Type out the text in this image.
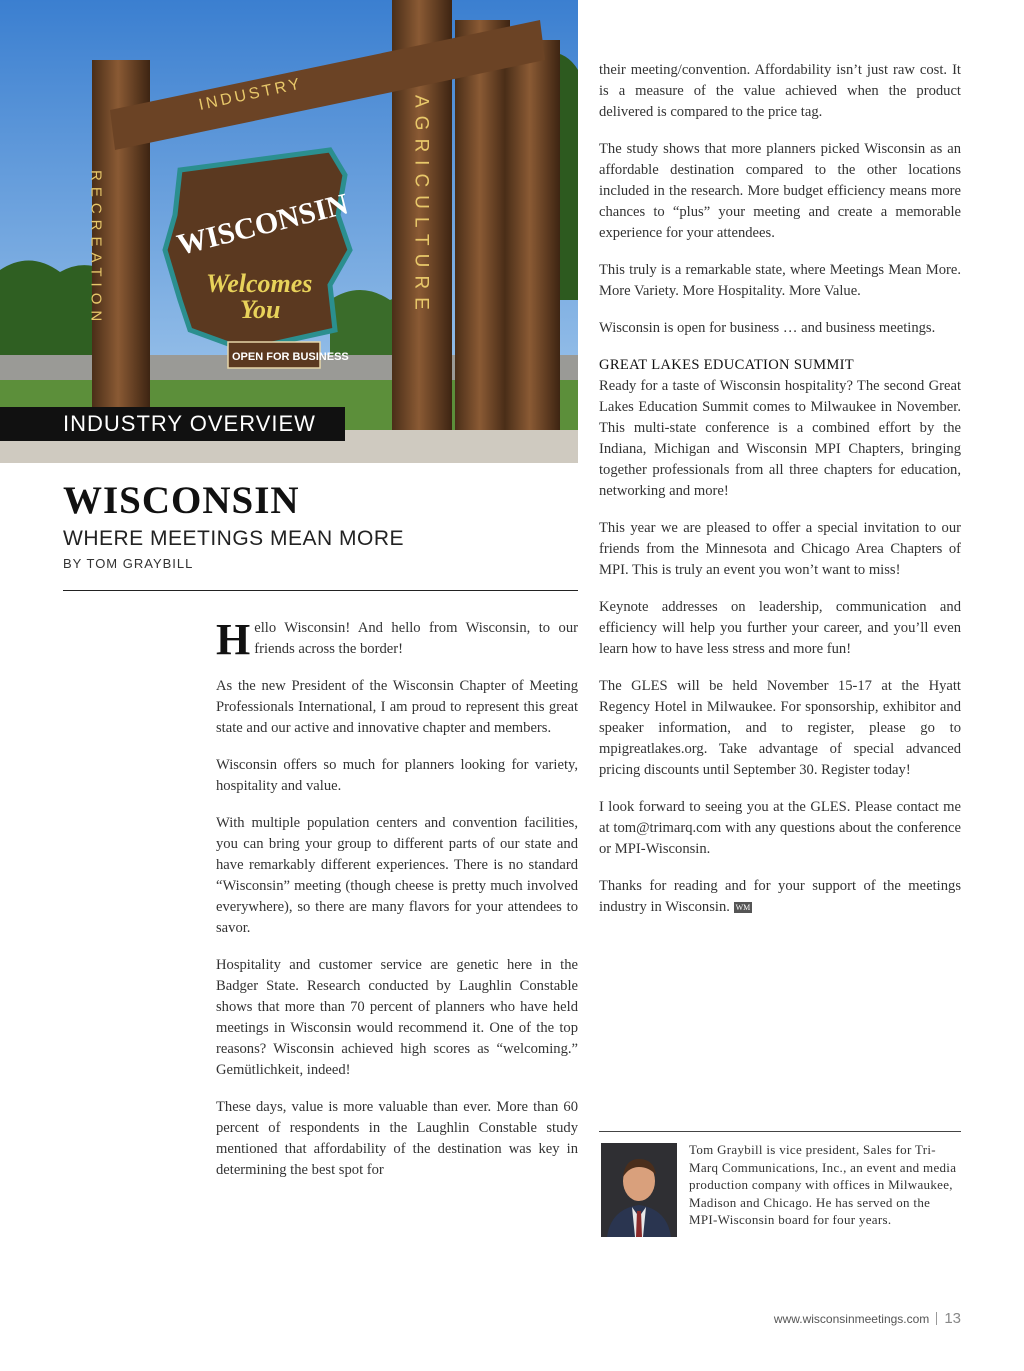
WISCONSIN
Welcomes
You
OPEN FOR BUSINESS
INDUSTRY
RECREATION	AGRICULTURE
INDUSTRY OVERVIEW
WISCONSIN
WHERE MEETINGS MEAN MORE
BY TOM GRAYBILL

Hello Wisconsin! And hello from Wisconsin, to our friends across the border!

As the new President of the Wisconsin Chapter of Meeting Professionals International, I am proud to represent this great state and our active and innovative chapter and members.

Wisconsin offers so much for planners looking for variety, hospitality and value.

With multiple population centers and convention facilities, you can bring your group to different parts of our state and have remarkably different experiences. There is no standard “Wisconsin” meeting (though cheese is pretty much involved everywhere), so there are many flavors for your attendees to savor.

Hospitality and customer service are genetic here in the Badger State. Research conducted by Laughlin Constable shows that more than 70 percent of planners who have held meetings in Wisconsin would recommend it. One of the top reasons? Wisconsin achieved high scores as “welcoming.” Gemütlichkeit, indeed!

These days, value is more valuable than ever. More than 60 percent of respondents in the Laughlin Constable study mentioned that affordability of the destination was key in determining the best spot for

their meeting/convention. Affordability isn’t just raw cost. It is a measure of the value achieved when the product delivered is compared to the price tag.

The study shows that more planners picked Wisconsin as an affordable destination compared to the other locations included in the research. More budget efficiency means more chances to “plus” your meeting and create a memorable experience for your attendees.

This truly is a remarkable state, where Meetings Mean More. More Variety. More Hospitality. More Value.

Wisconsin is open for business … and business meetings.

GREAT LAKES EDUCATION SUMMIT
Ready for a taste of Wisconsin hospitality? The second Great Lakes Education Summit comes to Milwaukee in November. This multi-state conference is a combined effort by the Indiana, Michigan and Wisconsin MPI Chapters, bringing together professionals from all three chapters for education, networking and more!

This year we are pleased to offer a special invitation to our friends from the Minnesota and Chicago Area Chapters of MPI. This is truly an event you won’t want to miss!

Keynote addresses on leadership, communication and efficiency will help you further your career, and you’ll even learn how to have less stress and more fun!

The GLES will be held November 15-17 at the Hyatt Regency Hotel in Milwaukee. For sponsorship, exhibitor and speaker information, and to register, please go to mpigreatlakes.org. Take advantage of special advanced pricing discounts until September 30. Register today!

I look forward to seeing you at the GLES. Please contact me at tom@trimarq.com with any questions about the conference or MPI-Wisconsin.

Thanks for reading and for your support of the meetings industry in Wisconsin. WM

Tom Graybill is vice president, Sales for Tri-Marq Communications, Inc., an event and media production company with offices in Milwaukee, Madison and Chicago. He has served on the MPI-Wisconsin board for four years.
www.wisconsinmeetings.com 13
